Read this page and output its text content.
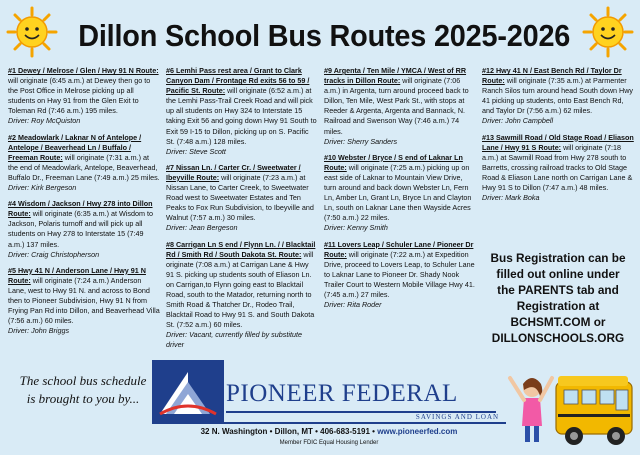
Dillon School Bus Routes 2025-2026
#1 Dewey / Melrose / Glen / Hwy 91 N Route: will originate (6:45 a.m.) at Dewey then go to the Post Office in Melrose picking up all students on Hwy 91 from the Glen Exit to Toleman Rd (7:46 a.m.) 195 miles.
Driver: Roy McQuiston
#2 Meadowlark / Laknar N of Antelope / Antelope / Beaverhead Ln / Buffalo / Freeman Route: will originate (7:31 a.m.) at the end of Meadowlark, Antelope, Beaverhead, Buffalo Dr., Freeman Lane (7:49 a.m.) 25 miles.
Driver: Kirk Bergeson
#4 Wisdom / Jackson / Hwy 278 into Dillon Route: will originate (6:35 a.m.) at Wisdom to Jackson, Polaris turnoff and will pick up all students on Hwy 278 to Interstate 15 (7:49 a.m.) 137 miles.
Driver: Craig Christopherson
#5 Hwy 41 N / Anderson Lane / Hwy 91 N Route: will originate (7:24 a.m.) Anderson Lane, west to Hwy 91 N. and across to Bond then to Pioneer Subdivision, Hwy 91 N from Frying Pan Rd into Dillon, and Beaverhead Villa (7:56 a.m.) 60 miles.
Driver: John Briggs
#6 Lemhi Pass rest area / Grant to Clark Canyon Dam / Frontage Rd exits 56 to 59 / Pacific St. Route: will originate (6:52 a.m.) at the Lemhi Pass-Trail Creek Road and will pick up all students on Hwy 324 to Interstate 15 taking Exit 56 and going down Hwy 91 South to Exit 59 I-15 to Dillon, picking up on S. Pacific St. (7:48 a.m.) 128 miles.
Driver: Steve Scott
#7 Nissan Ln. / Carter Cr. / Sweetwater / Ibeyville Route: will originate (7:23 a.m.) at Nissan Lane, to Carter Creek, to Sweetwater Road west to Sweetwater Estates and Ten Peaks to Fox Run Subdivision, to Ibeyville and Walnut (7:57 a.m.) 30 miles.
Driver: Jean Bergeson
#8 Carrigan Ln S end / Flynn Ln. / / Blacktail Rd / Smith Rd / South Dakota St. Route: will originate (7:08 a.m.) at Carrigan Lane & Hwy 91 S. picking up students south of Eliason Ln. on Carrigan,to Flynn going east to Blacktail Road, south to the Matador, returning north to Smith Road & Thatcher Dr., Rodeo Trail, Blacktail Road to Hwy 91 S. and South Dakota St. (7:52 a.m.) 60 miles.
Driver: Vacant, currently filled by substitute driver
#9 Argenta / Ten Mile / YMCA / West of RR tracks in Dillon Route: will originate (7:06 a.m.) in Argenta, turn around proceed back to Dillon, Ten Mile, West Park St., with stops at Reeder & Argenta, Argenta and Bannack, N. Railroad and Swenson Way (7:46 a.m.) 74 miles.
Driver: Sherry Sanders
#10 Webster / Bryce / S end of Laknar Ln Route: will originate (7:25 a.m.) picking up on east side of Laknar to Mountain View Drive, turn around and back down Webster Ln, Fern Ln, Amber Ln, Grant Ln, Bryce Ln and Clayton Ln, south on Laknar Lane then Wayside Acres (7:50 a.m.) 22 miles.
Driver: Kenny Smith
#11 Lovers Leap / Schuler Lane / Pioneer Dr Route: will originate (7:22 a.m.) at Expedition Drive, proceed to Lovers Leap, to Schuler Lane to Laknar Lane to Pioneer Dr. Shady Nook Trailer Court to Western Mobile Village Hwy 41. (7:45 a.m.) 27 miles.
Driver: Rita Roder
#12 Hwy 41 N / East Bench Rd / Taylor Dr Route: will originate (7:35 a.m.) at Parmenter Ranch Silos turn around head South down Hwy 41 picking up students, onto East Bench Rd, and Taylor Dr (7:56 a.m.) 62 miles.
Driver: John Campbell
#13 Sawmill Road / Old Stage Road / Eliason Lane / Hwy 91 S Route: will originate (7:18 a.m.) at Sawmill Road from Hwy 278 south to Barretts, crossing railroad tracks to Old Stage Road & Eliason Lane north on Carrigan Lane & Hwy 91 S to Dillon (7:47 a.m.) 48 miles.
Driver: Mark Boka
Bus Registration can be
filled out online under
the PARENTS tab and
Registration at
BCHSMT.COM or
DILLONSCHOOLS.ORG
The school bus schedule
is brought to you by...	PIONEER FEDERAL
SAVINGS AND LOAN
32 N. Washington • Dillon, MT • 406-683-5191 • www.pioneerfed.com
Member FDIC Equal Housing Lender
